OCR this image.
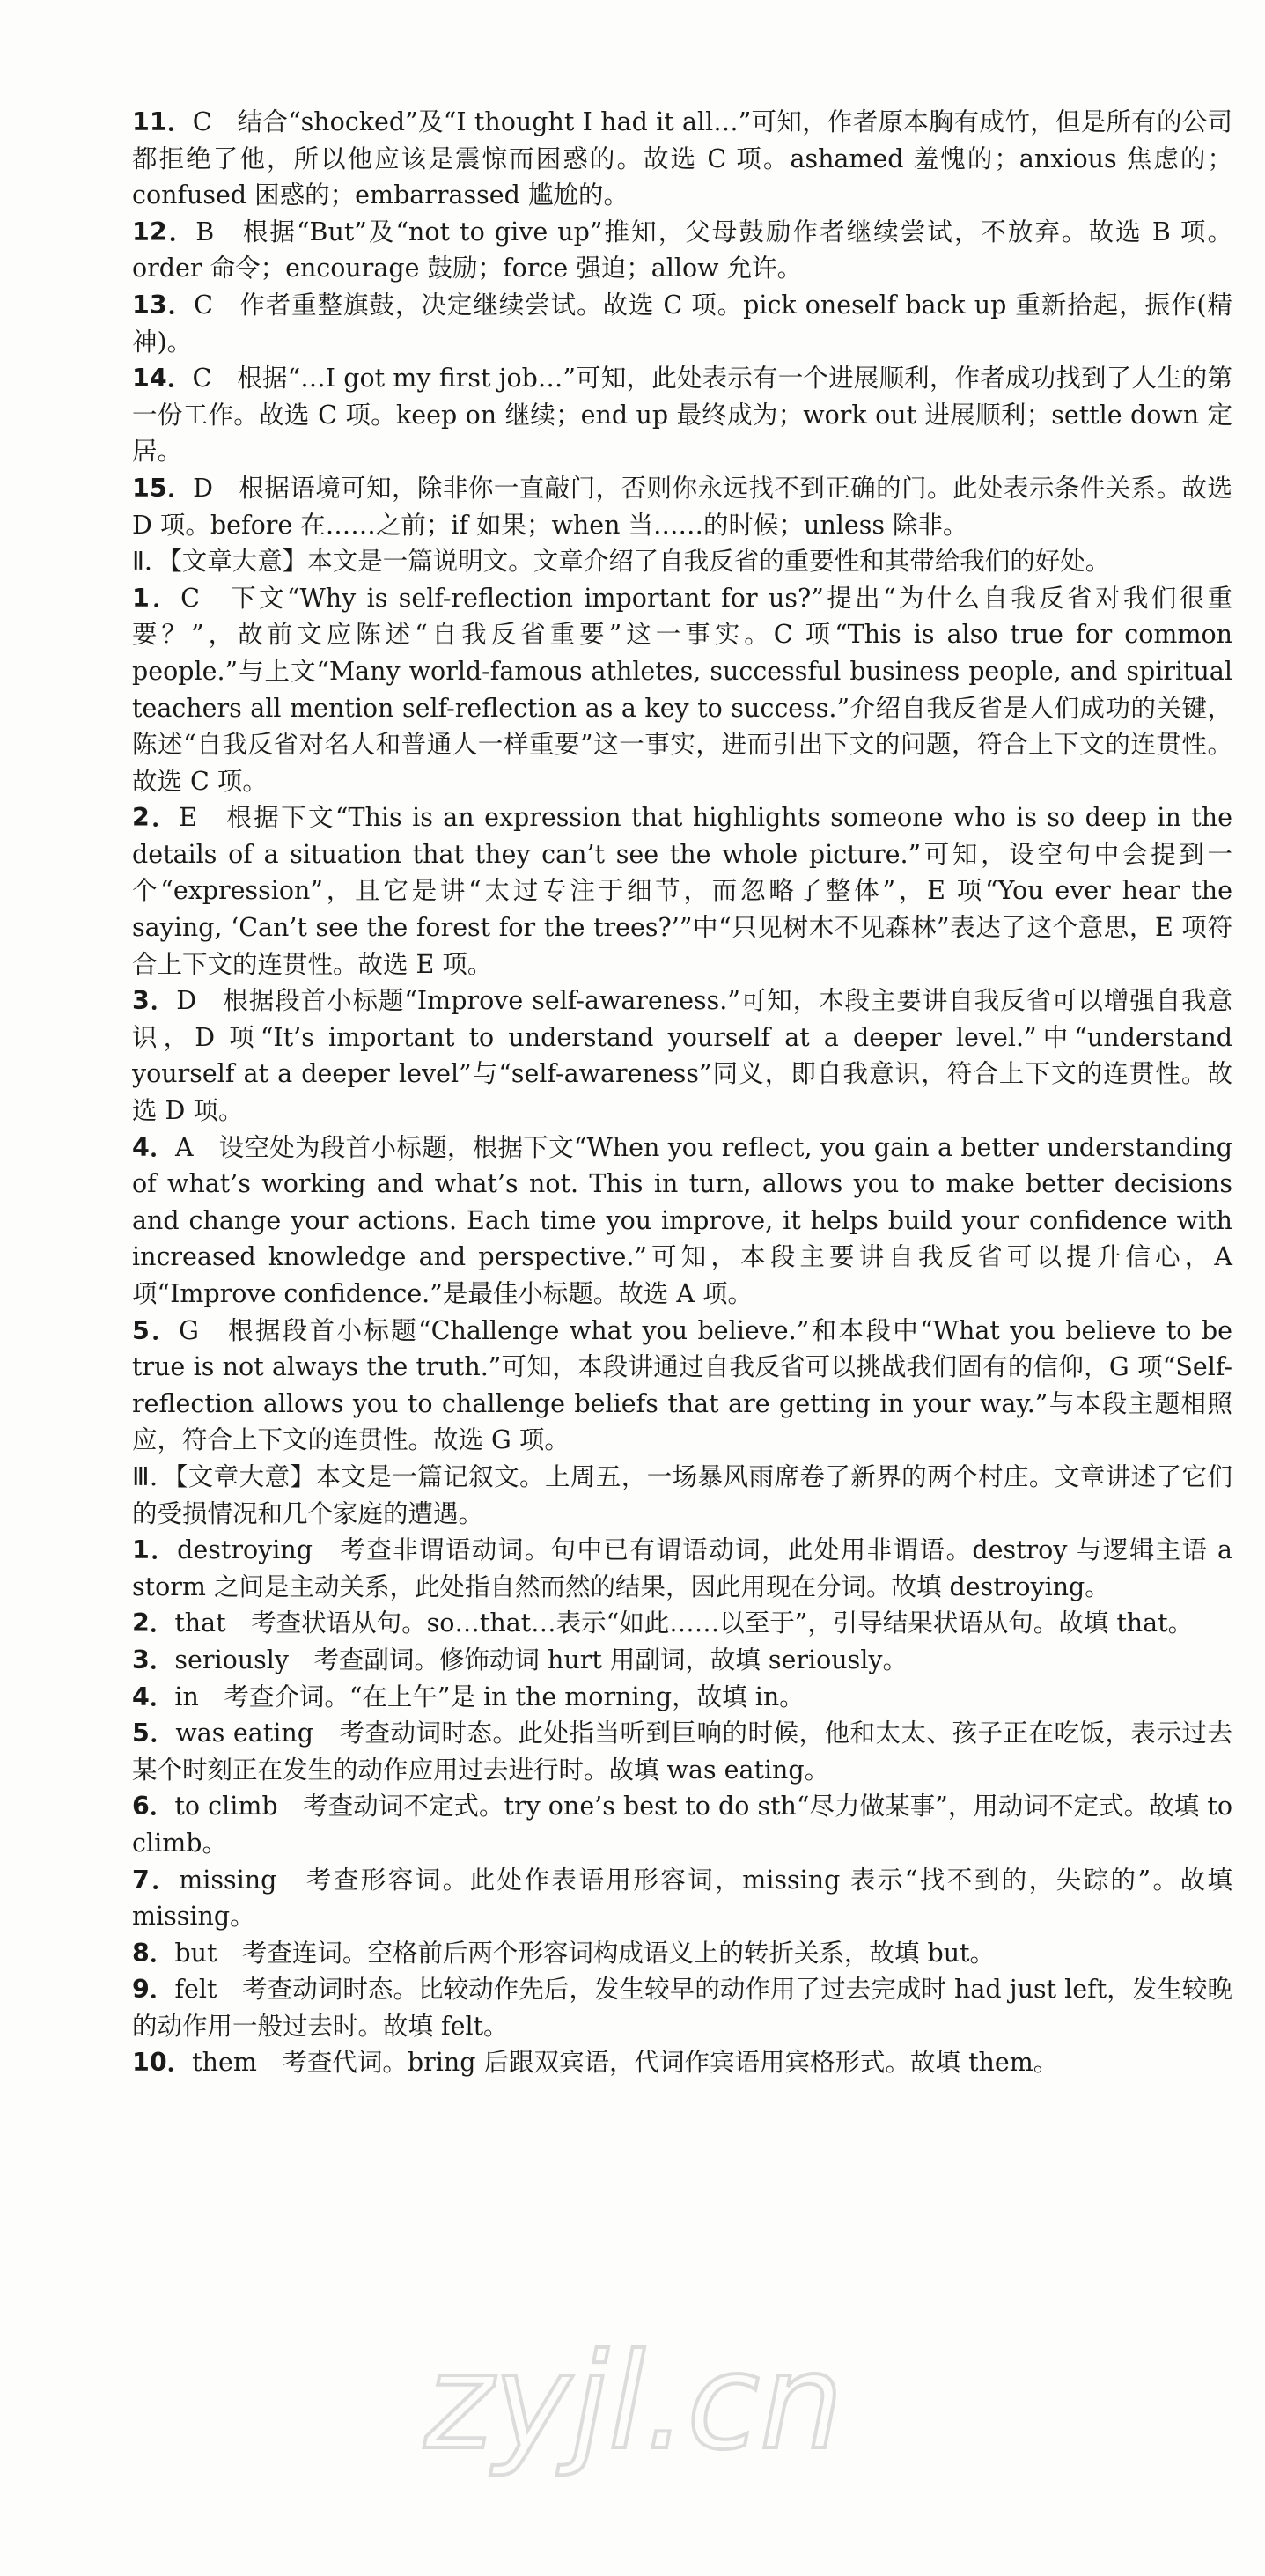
11．C　结合“shocked”及“I thought I had it all…”可知，作者原本胸有成竹，但是所有的公司都拒绝了他，所以他应该是震惊而困惑的。故选 C 项。ashamed 羞愧的；anxious 焦虑的；confused 困惑的；embarrassed 尴尬的。

12．B　根据“But”及“not to give up”推知，父母鼓励作者继续尝试，不放弃。故选 B 项。order 命令；encourage 鼓励；force 强迫；allow 允许。

13．C　作者重整旗鼓，决定继续尝试。故选 C 项。pick oneself back up 重新拾起，振作(精神)。

14．C　根据“…I got my first job…”可知，此处表示有一个进展顺利，作者成功找到了人生的第一份工作。故选 C 项。keep on 继续；end up 最终成为；work out 进展顺利；settle down 定居。

15．D　根据语境可知，除非你一直敲门，否则你永远找不到正确的门。此处表示条件关系。故选 D 项。before 在……之前；if 如果；when 当……的时候；unless 除非。

Ⅱ．【文章大意】本文是一篇说明文。文章介绍了自我反省的重要性和其带给我们的好处。

1．C　下文“Why is self-reflection important for us?”提出“为什么自我反省对我们很重要？”，故前文应陈述“自我反省重要”这一事实。C 项“This is also true for common people.”与上文“Many world-famous athletes, successful business people, and spiritual teachers all mention self-reflection as a key to success.”介绍自我反省是人们成功的关键，陈述“自我反省对名人和普通人一样重要”这一事实，进而引出下文的问题，符合上下文的连贯性。故选 C 项。

2．E　根据下文“This is an expression that highlights someone who is so deep in the details of a situation that they can’t see the whole picture.”可知，设空句中会提到一个“expression”，且它是讲“太过专注于细节，而忽略了整体”，E 项“You ever hear the saying, ‘Can’t see the forest for the trees?’”中“只见树木不见森林”表达了这个意思，E 项符合上下文的连贯性。故选 E 项。

3．D　根据段首小标题“Improve self-awareness.”可知，本段主要讲自我反省可以增强自我意识，D 项“It’s important to understand yourself at a deeper level.”中“understand yourself at a deeper level”与“self-awareness”同义，即自我意识，符合上下文的连贯性。故选 D 项。

4．A　设空处为段首小标题，根据下文“When you reflect, you gain a better understanding of what’s working and what’s not. This in turn, allows you to make better decisions and change your actions. Each time you improve, it helps build your confidence with increased knowledge and perspective.”可知，本段主要讲自我反省可以提升信心，A 项“Improve confidence.”是最佳小标题。故选 A 项。

5．G　根据段首小标题“Challenge what you believe.”和本段中“What you believe to be true is not always the truth.”可知，本段讲通过自我反省可以挑战我们固有的信仰，G 项“Self-reflection allows you to challenge beliefs that are getting in your way.”与本段主题相照应，符合上下文的连贯性。故选 G 项。

Ⅲ．【文章大意】本文是一篇记叙文。上周五，一场暴风雨席卷了新界的两个村庄。文章讲述了它们的受损情况和几个家庭的遭遇。

1．destroying　考查非谓语动词。句中已有谓语动词，此处用非谓语。destroy 与逻辑主语 a storm 之间是主动关系，此处指自然而然的结果，因此用现在分词。故填 destroying。

2．that　考查状语从句。so…that…表示“如此……以至于”，引导结果状语从句。故填 that。

3．seriously　考查副词。修饰动词 hurt 用副词，故填 seriously。

4．in　考查介词。“在上午”是 in the morning，故填 in。

5．was eating　考查动词时态。此处指当听到巨响的时候，他和太太、孩子正在吃饭，表示过去某个时刻正在发生的动作应用过去进行时。故填 was eating。

6．to climb　考查动词不定式。try one’s best to do sth“尽力做某事”，用动词不定式。故填 to climb。

7．missing　考查形容词。此处作表语用形容词，missing 表示“找不到的，失踪的”。故填 missing。

8．but　考查连词。空格前后两个形容词构成语义上的转折关系，故填 but。

9．felt　考查动词时态。比较动作先后，发生较早的动作用了过去完成时 had just left，发生较晚的动作用一般过去时。故填 felt。

10．them　考查代词。bring 后跟双宾语，代词作宾语用宾格形式。故填 them。

zyjl.cn
